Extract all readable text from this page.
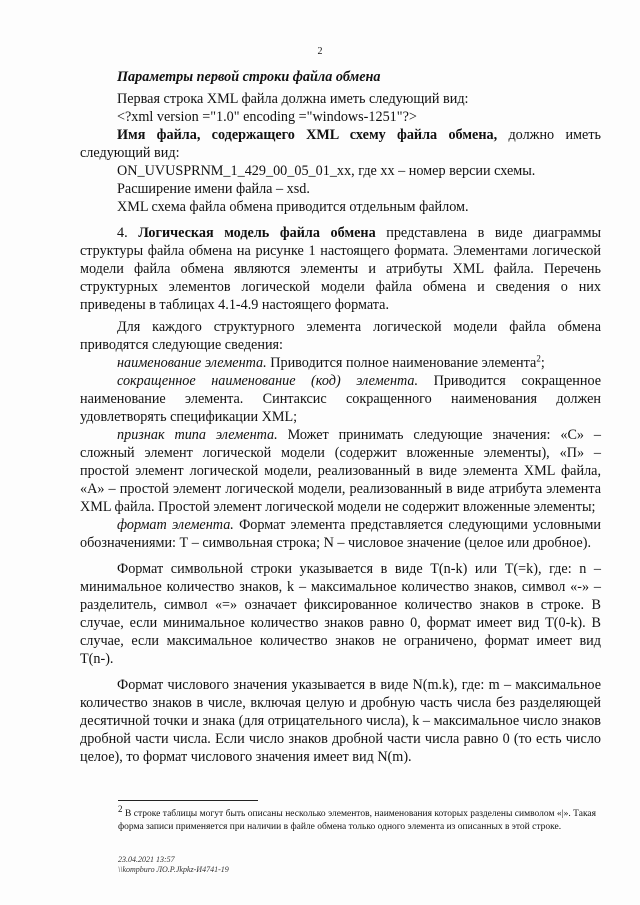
2

Параметры первой строки файла обмена

Первая строка XML файла должна иметь следующий вид:

<?xml version ="1.0" encoding ="windows-1251"?>

Имя файла, содержащего XML схему файла обмена, должно иметь следующий вид:

ON_UVUSPRNM_1_429_00_05_01_xx, где хх – номер версии схемы.

Расширение имени файла – xsd.

XML схема файла обмена приводится отдельным файлом.

4. Логическая модель файла обмена представлена в виде диаграммы структуры файла обмена на рисунке 1 настоящего формата. Элементами логической модели файла обмена являются элементы и атрибуты XML файла. Перечень структурных элементов логической модели файла обмена и сведения о них приведены в таблицах 4.1-4.9 настоящего формата.

Для каждого структурного элемента логической модели файла обмена приводятся следующие сведения:

наименование элемента. Приводится полное наименование элемента$^2$;

сокращенное наименование (код) элемента. Приводится сокращенное наименование элемента. Синтаксис сокращенного наименования должен удовлетворять спецификации XML;

признак типа элемента. Может принимать следующие значения: «С» – сложный элемент логической модели (содержит вложенные элементы), «П» – простой элемент логической модели, реализованный в виде элемента XML файла, «А» – простой элемент логической модели, реализованный в виде атрибута элемента XML файла. Простой элемент логической модели не содержит вложенные элементы;

формат элемента. Формат элемента представляется следующими условными обозначениями: Т – символьная строка; N – числовое значение (целое или дробное).

Формат символьной строки указывается в виде Т(n-k) или T(=k), где: n – минимальное количество знаков, k – максимальное количество знаков, символ «-» – разделитель, символ «=» означает фиксированное количество знаков в строке. В случае, если минимальное количество знаков равно 0, формат имеет вид Т(0-k). В случае, если максимальное количество знаков не ограничено, формат имеет вид Т(n-).

Формат числового значения указывается в виде N(m.k), где: m – максимальное количество знаков в числе, включая целую и дробную часть числа без разделяющей десятичной точки и знака (для отрицательного числа), k – максимальное число знаков дробной части числа. Если число знаков дробной части числа равно 0 (то есть число целое), то формат числового значения имеет вид N(m).

$^2$ В строке таблицы могут быть описаны несколько элементов, наименования которых разделены символом «|». Такая форма записи применяется при наличии в файле обмена только одного элемента из описанных в этой строке.
23.04.2021 13:57
\\kompburo ЛО.Р.Jkpkz-И4741-19
